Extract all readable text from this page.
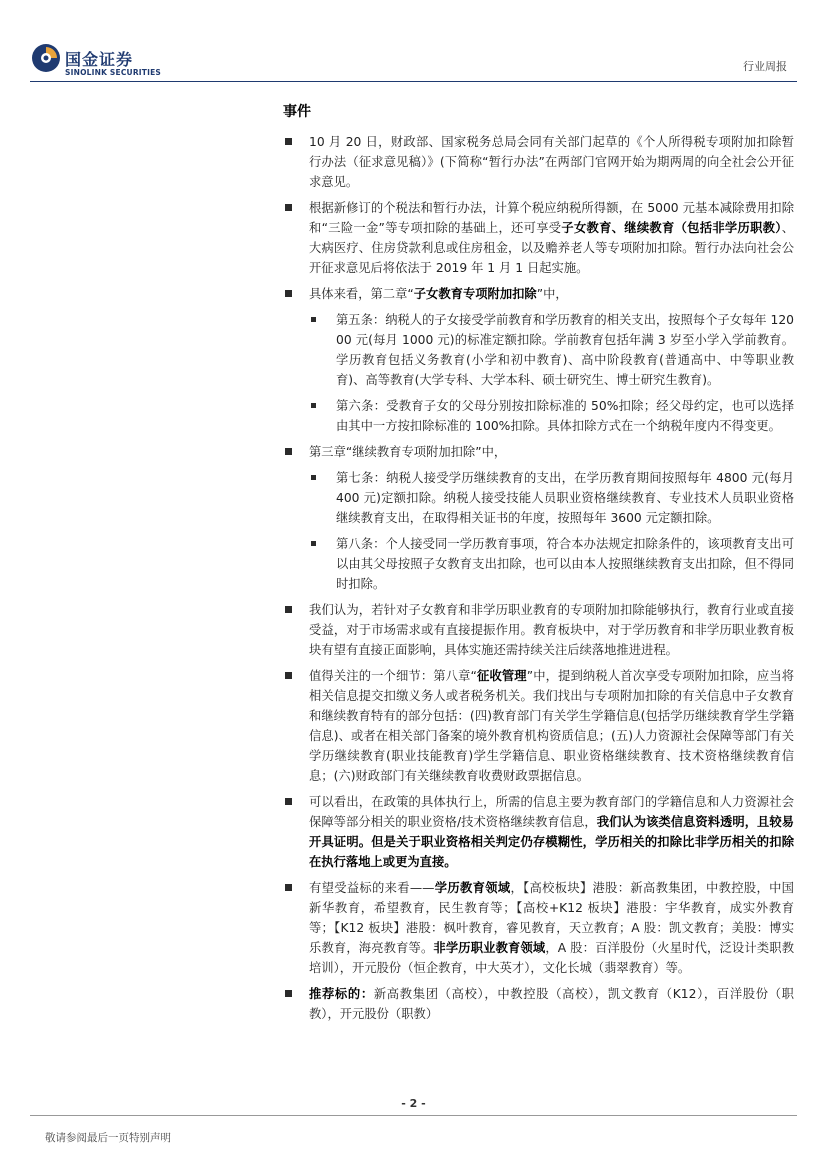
国金证券
SINOLINK SECURITIES	行业周报
事件
10 月 20 日，财政部、国家税务总局会同有关部门起草的《个人所得税专项附加扣除暂行办法（征求意见稿）》(下简称“暂行办法”在两部门官网开始为期两周的向全社会公开征求意见。
根据新修订的个税法和暂行办法，计算个税应纳税所得额，在 5000 元基本减除费用扣除和“三险一金”等专项扣除的基础上，还可享受子女教育、继续教育（包括非学历职教）、大病医疗、住房贷款利息或住房租金，以及赡养老人等专项附加扣除。暂行办法向社会公开征求意见后将依法于 2019 年 1 月 1 日起实施。
具体来看，第二章“子女教育专项附加扣除”中，
第五条：纳税人的子女接受学前教育和学历教育的相关支出，按照每个子女每年 12000 元(每月 1000 元)的标准定额扣除。学前教育包括年满 3 岁至小学入学前教育。学历教育包括义务教育(小学和初中教育)、高中阶段教育(普通高中、中等职业教育)、高等教育(大学专科、大学本科、硕士研究生、博士研究生教育)。
第六条：受教育子女的父母分别按扣除标准的 50%扣除；经父母约定，也可以选择由其中一方按扣除标准的 100%扣除。具体扣除方式在一个纳税年度内不得变更。
第三章“继续教育专项附加扣除”中，
第七条：纳税人接受学历继续教育的支出，在学历教育期间按照每年 4800 元(每月 400 元)定额扣除。纳税人接受技能人员职业资格继续教育、专业技术人员职业资格继续教育支出，在取得相关证书的年度，按照每年 3600 元定额扣除。
第八条：个人接受同一学历教育事项，符合本办法规定扣除条件的，该项教育支出可以由其父母按照子女教育支出扣除，也可以由本人按照继续教育支出扣除，但不得同时扣除。
我们认为，若针对子女教育和非学历职业教育的专项附加扣除能够执行，教育行业或直接受益，对于市场需求或有直接提振作用。教育板块中，对于学历教育和非学历职业教育板块有望有直接正面影响，具体实施还需持续关注后续落地推进进程。
值得关注的一个细节：第八章“征收管理”中，提到纳税人首次享受专项附加扣除，应当将相关信息提交扣缴义务人或者税务机关。我们找出与专项附加扣除的有关信息中子女教育和继续教育特有的部分包括：(四)教育部门有关学生学籍信息(包括学历继续教育学生学籍信息)、或者在相关部门备案的境外教育机构资质信息；(五)人力资源社会保障等部门有关学历继续教育(职业技能教育)学生学籍信息、职业资格继续教育、技术资格继续教育信息；(六)财政部门有关继续教育收费财政票据信息。
可以看出，在政策的具体执行上，所需的信息主要为教育部门的学籍信息和人力资源社会保障等部分相关的职业资格/技术资格继续教育信息，我们认为该类信息资料透明，且较易开具证明。但是关于职业资格相关判定仍存模糊性，学历相关的扣除比非学历相关的扣除在执行落地上或更为直接。
有望受益标的来看——学历教育领域，【高校板块】港股：新高教集团，中教控股，中国新华教育，希望教育，民生教育等；【高校+K12 板块】港股：宇华教育，成实外教育等；【K12 板块】港股：枫叶教育，睿见教育，天立教育；A 股：凯文教育；美股：博实乐教育，海亮教育等。非学历职业教育领域，A 股：百洋股份（火星时代，泛设计类职教培训），开元股份（恒企教育，中大英才），文化长城（翡翠教育）等。
推荐标的：新高教集团（高校），中教控股（高校），凯文教育（K12），百洋股份（职教），开元股份（职教）
- 2 -
敬请参阅最后一页特别声明
